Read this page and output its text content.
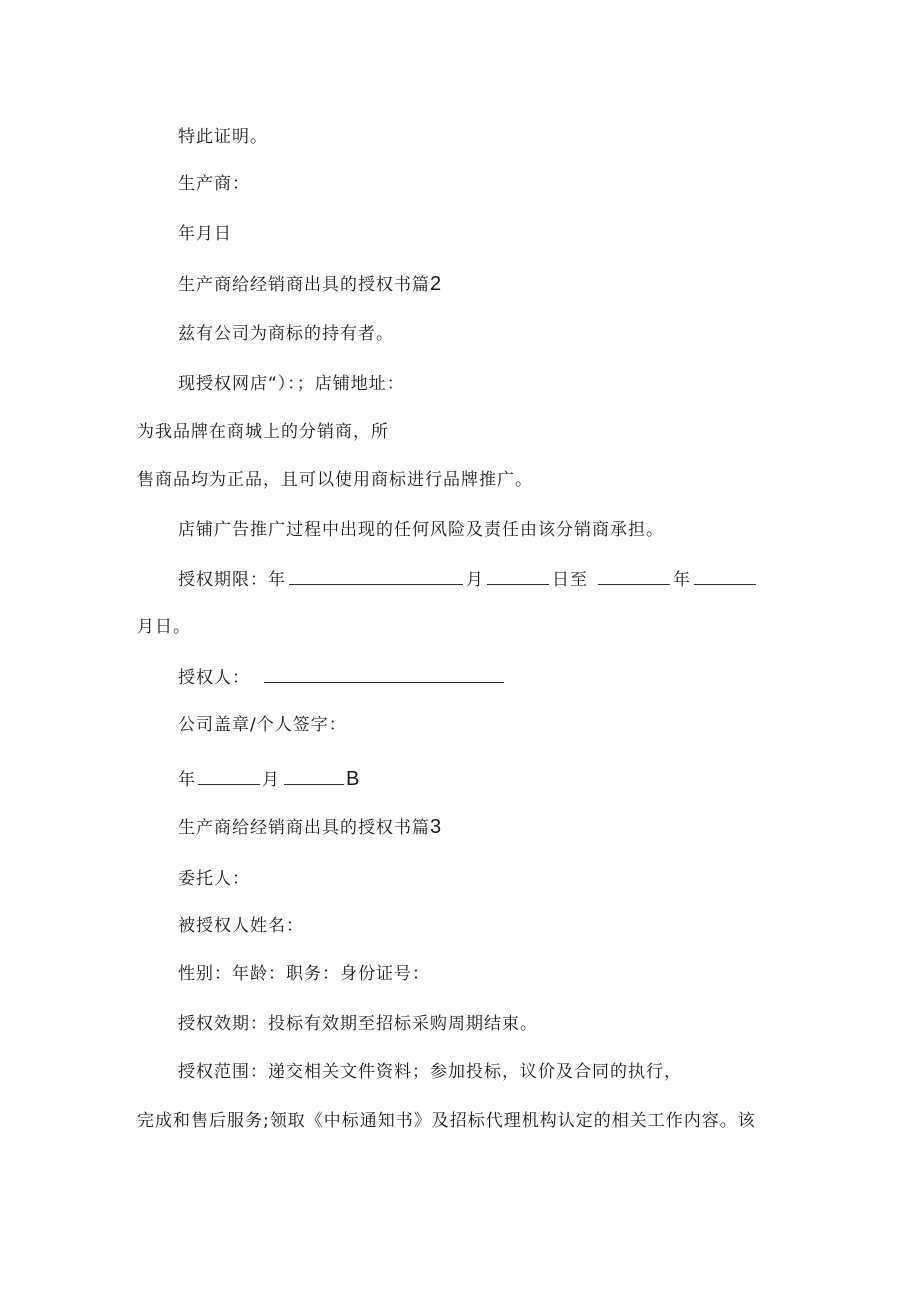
特此证明。
生产商：
年月日
生产商给经销商出具的授权书篇2
兹有公司为商标的持有者。
现授权网店“）：；店铺地址：
为我品牌在商城上的分销商，所
售商品均为正品，且可以使用商标进行品牌推广。
店铺广告推广过程中出现的任何风险及责任由该分销商承担。
授权期限：年	月	日至	年
月日。
授权人：
公司盖章/个人签字：
年	月	B
生产商给经销商出具的授权书篇3
委托人：
被授权人姓名：
性别：年龄：职务：身份证号：
授权效期：投标有效期至招标采购周期结束。
授权范围：递交相关文件资料；参加投标，议价及合同的执行，
完成和售后服务;领取《中标通知书》及招标代理机构认定的相关工作内容。该
